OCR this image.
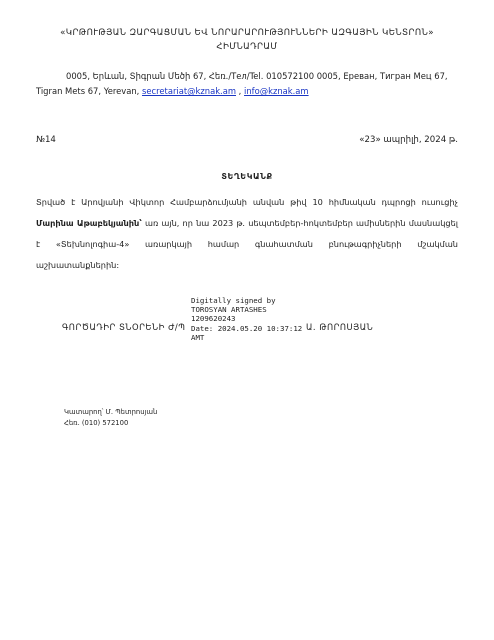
«ԿՐԹՈՒԹՅԱՆ ԶԱՐԳԱՑՄԱՆ ԵՎ ՆՈՐԱՐԱՐՈՒԹՅՈՒՆՆԵՐԻ ԱԶԳԱՅԻՆ ԿԵՆՏՐՈՆ»
ՀԻՄՆԱԴՐԱՄ
0005, Երևան, Տիգրան Մեծի 67, Հեռ./Тел/Tel. 010572100 0005, Ереван, Тигран Мец 67, Tigran Mets 67, Yerevan, secretariat@kznak.am , info@kznak.am
№14	«23» ապրիլի, 2024 թ.
ՏԵՂԵԿԱՆՔ
Տրված է Արովյանի Վիկտոր Համբարձումյանի անվան թիվ 10 հիմնական դպրոցի ուսուցիչ Մարինա Աթաբեկյանին՝ առ այն, որ նա 2023 թ. սեպտեմբեր-հոկտեմբեր ամիսներին մասնակցել է «Տեխնոլոգիա-4» առարկայի համար գնահատման բնութագրիչների մշակման աշխատանքներին:
ԳՈՐԾԱԴԻՐ ՏՆՕՐԵՆԻ Ժ/Պ	Ա. ԹՈՐՈՍՅԱՆ
Digitally signed by
TOROSYAN ARTASHES
1209620243
Date: 2024.05.20 10:37:12
AMT
Կատարող՝ Մ. Պետրոսյան
Հեռ. (010) 572100
